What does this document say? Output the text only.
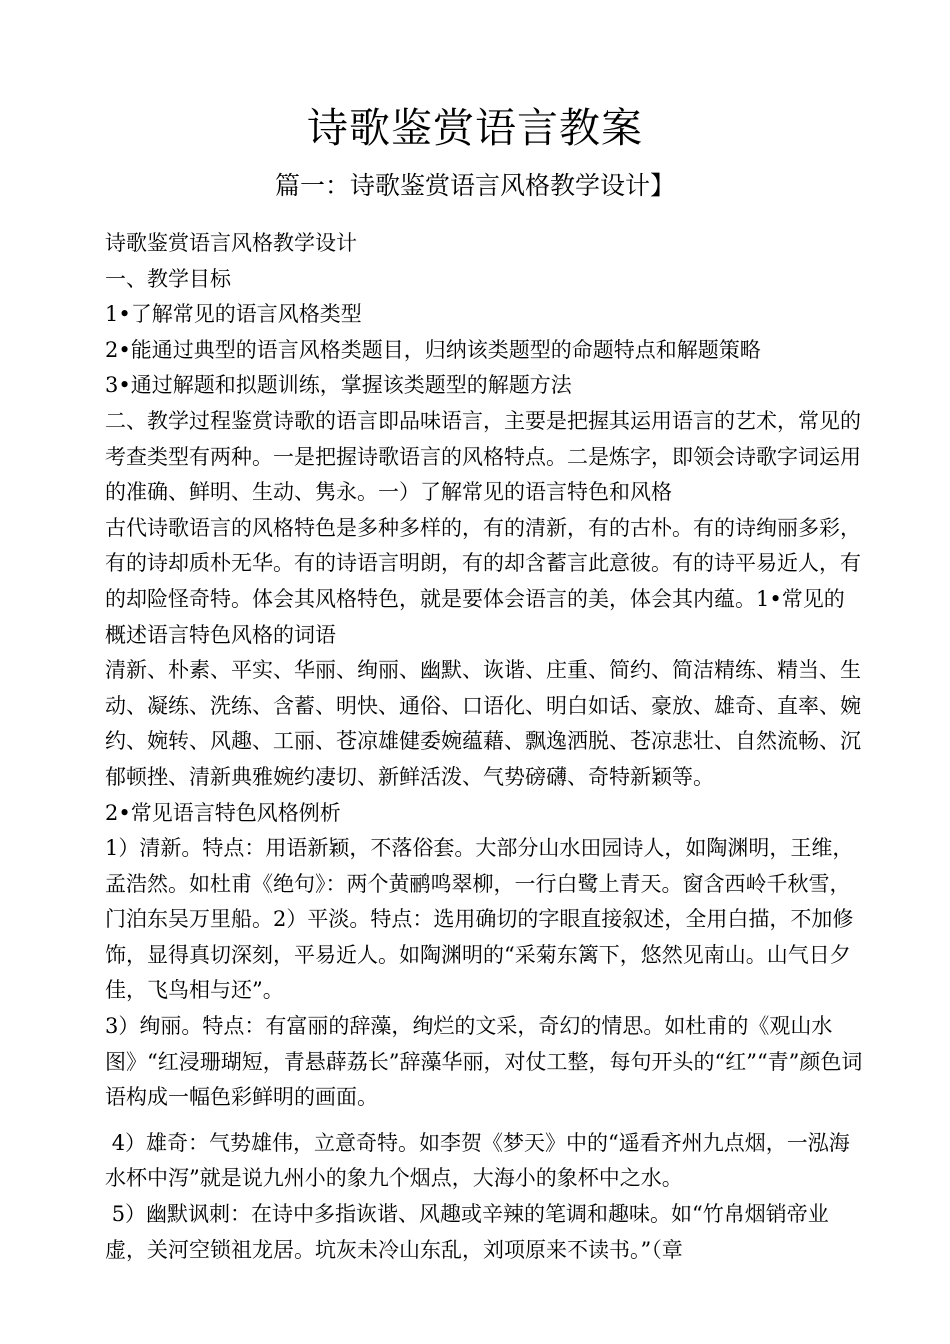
诗歌鉴赏语言教案
篇一：诗歌鉴赏语言风格教学设计】

诗歌鉴赏语言风格教学设计

一、教学目标

1•了解常见的语言风格类型

2•能通过典型的语言风格类题目，归纳该类题型的命题特点和解题策略

3•通过解题和拟题训练，掌握该类题型的解题方法

二、教学过程鉴赏诗歌的语言即品味语言，主要是把握其运用语言的艺术，常见的考查类型有两种。一是把握诗歌语言的风格特点。二是炼字，即领会诗歌字词运用的准确、鲜明、生动、隽永。一）了解常见的语言特色和风格

古代诗歌语言的风格特色是多种多样的，有的清新，有的古朴。有的诗绚丽多彩，有的诗却质朴无华。有的诗语言明朗，有的却含蓄言此意彼。有的诗平易近人，有的却险怪奇特。体会其风格特色，就是要体会语言的美，体会其内蕴。1•常见的概述语言特色风格的词语

清新、朴素、平实、华丽、绚丽、幽默、诙谐、庄重、简约、简洁精练、精当、生动、凝练、洗练、含蓄、明快、通俗、口语化、明白如话、豪放、雄奇、直率、婉约、婉转、风趣、工丽、苍凉雄健委婉蕴藉、飘逸洒脱、苍凉悲壮、自然流畅、沉郁顿挫、清新典雅婉约凄切、新鲜活泼、气势磅礴、奇特新颖等。

2•常见语言特色风格例析

1）清新。特点：用语新颖，不落俗套。大部分山水田园诗人，如陶渊明，王维，孟浩然。如杜甫《绝句》：两个黄鹂鸣翠柳，一行白鹭上青天。窗含西岭千秋雪，门泊东吴万里船。2）平淡。特点：选用确切的字眼直接叙述，全用白描，不加修饰，显得真切深刻，平易近人。如陶渊明的“采菊东篱下，悠然见南山。山气日夕佳，飞鸟相与还”。

3）绚丽。特点：有富丽的辞藻，绚烂的文采，奇幻的情思。如杜甫的《观山水图》“红浸珊瑚短，青悬薜荔长”辞藻华丽，对仗工整，每句开头的“红”“青”颜色词语构成一幅色彩鲜明的画面。

4）雄奇：气势雄伟，立意奇特。如李贺《梦天》中的“遥看齐州九点烟，一泓海水杯中泻”就是说九州小的象九个烟点，大海小的象杯中之水。

5）幽默讽刺：在诗中多指诙谐、风趣或辛辣的笔调和趣味。如“竹帛烟销帝业虚，关河空锁祖龙居。坑灰未冷山东乱，刘项原来不读书。”（章
